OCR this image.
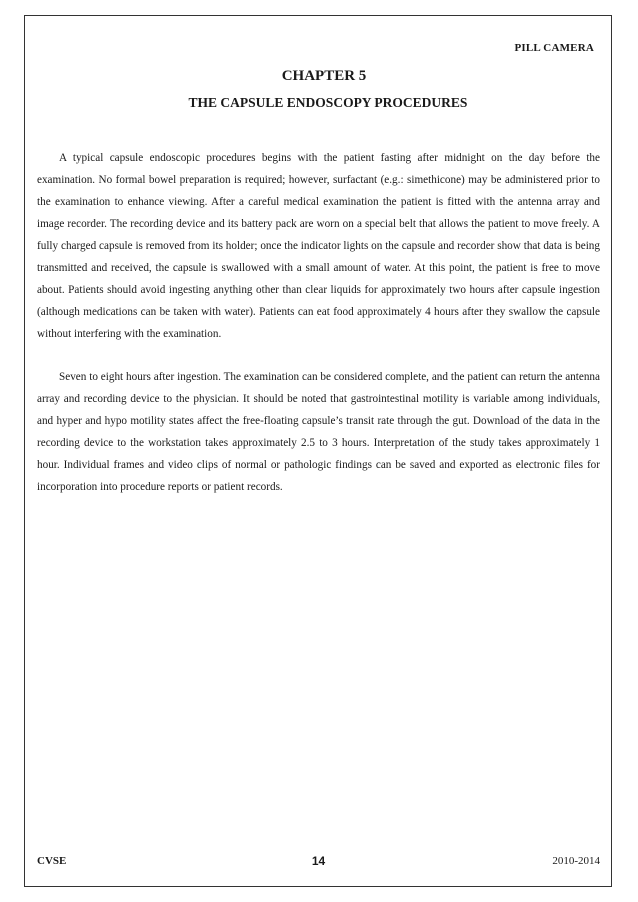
PILL CAMERA
CHAPTER 5
THE CAPSULE ENDOSCOPY PROCEDURES

A typical capsule endoscopic procedures begins with the patient fasting after midnight on the day before the examination. No formal bowel preparation is required; however, surfactant (e.g.: simethicone) may be administered prior to the examination to enhance viewing. After a careful medical examination the patient is fitted with the antenna array and image recorder. The recording device and its battery pack are worn on a special belt that allows the patient to move freely. A fully charged capsule is removed from its holder; once the indicator lights on the capsule and recorder show that data is being transmitted and received, the capsule is swallowed with a small amount of water. At this point, the patient is free to move about. Patients should avoid ingesting anything other than clear liquids for approximately two hours after capsule ingestion (although medications can be taken with water). Patients can eat food approximately 4 hours after they swallow the capsule without interfering with the examination.

Seven to eight hours after ingestion. The examination can be considered complete, and the patient can return the antenna array and recording device to the physician. It should be noted that gastrointestinal motility is variable among individuals, and hyper and hypo motility states affect the free-floating capsule’s transit rate through the gut. Download of the data in the recording device to the workstation takes approximately 2.5 to 3 hours. Interpretation of the study takes approximately 1 hour. Individual frames and video clips of normal or pathologic findings can be saved and exported as electronic files for incorporation into procedure reports or patient records.

CVSE	14	2010-2014
